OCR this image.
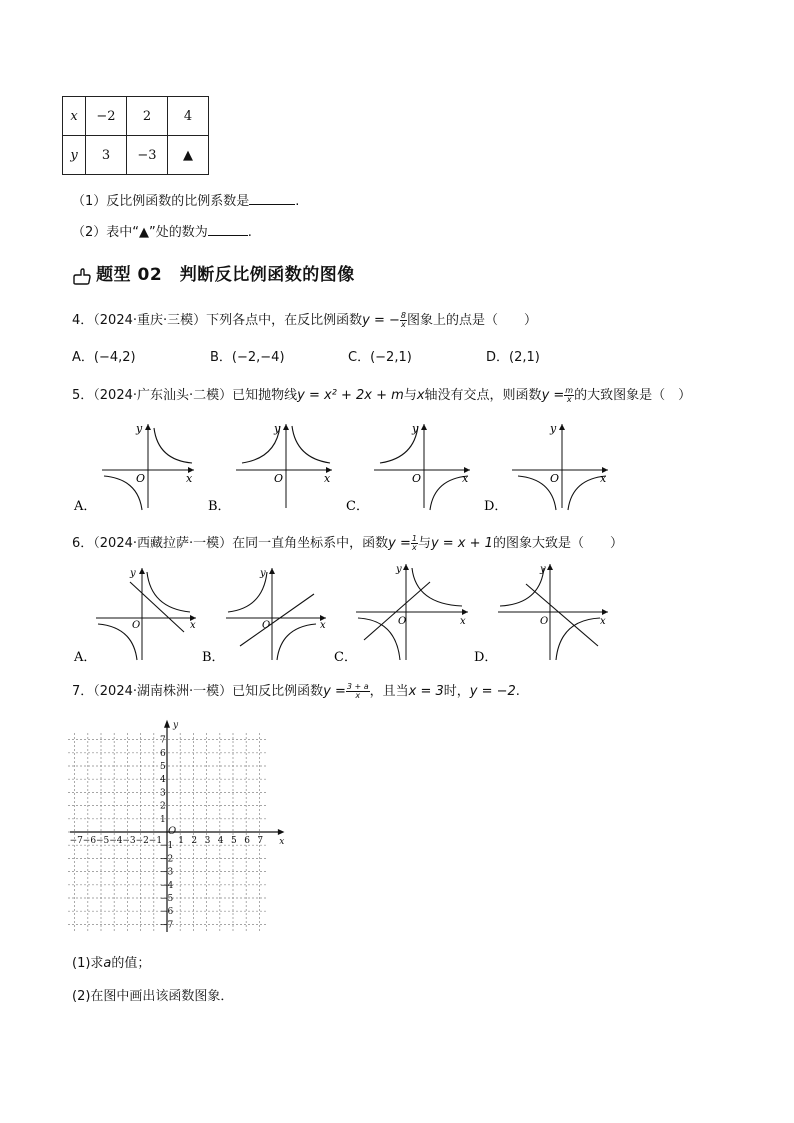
x	−2	2	4
y	3	−3	▲
（1）反比例函数的比例系数是	.
（2）表中“▲”处的数为	.
题型 02　判断反比例函数的图像
4．（2024·重庆·三模）下列各点中，在反比例函数y = − $\frac{8}{x}$ 图象上的点是（　　）
A．(−4,2)	B．(−2,−4)	C．(−2,1)	D．(2,1)
5．（2024·广东汕头·二模）已知抛物线y = x² + 2x + m与x轴没有交点，则函数$y = \frac{m}{x}$ 的大致图象是（　）
y
x
O
A．
y
x
O
B．
y
x
O
C．
y
x
O
D．
6．（2024·西藏拉萨·一模）在同一直角坐标系中，函数$y = \frac{1}{x}$ 与y = x + 1的图象大致是（　　）
y
x
O
A．
y
x
O
B．
y
x
O
C．
y
x
O
D．
7．（2024·湖南株洲·一模）已知反比例函数$y = \frac{3 + a}{x}$ ，且当x = 3时，y = −2.
−7 −6 −5 −4 −3 −2 −1 1 2 3 4 5 6 7
7
6
5
4
3
2
1
−1
−2
−3
−4
−5
−6
−7
x
y
O
(1)求a的值；
(2)在图中画出该函数图象．
